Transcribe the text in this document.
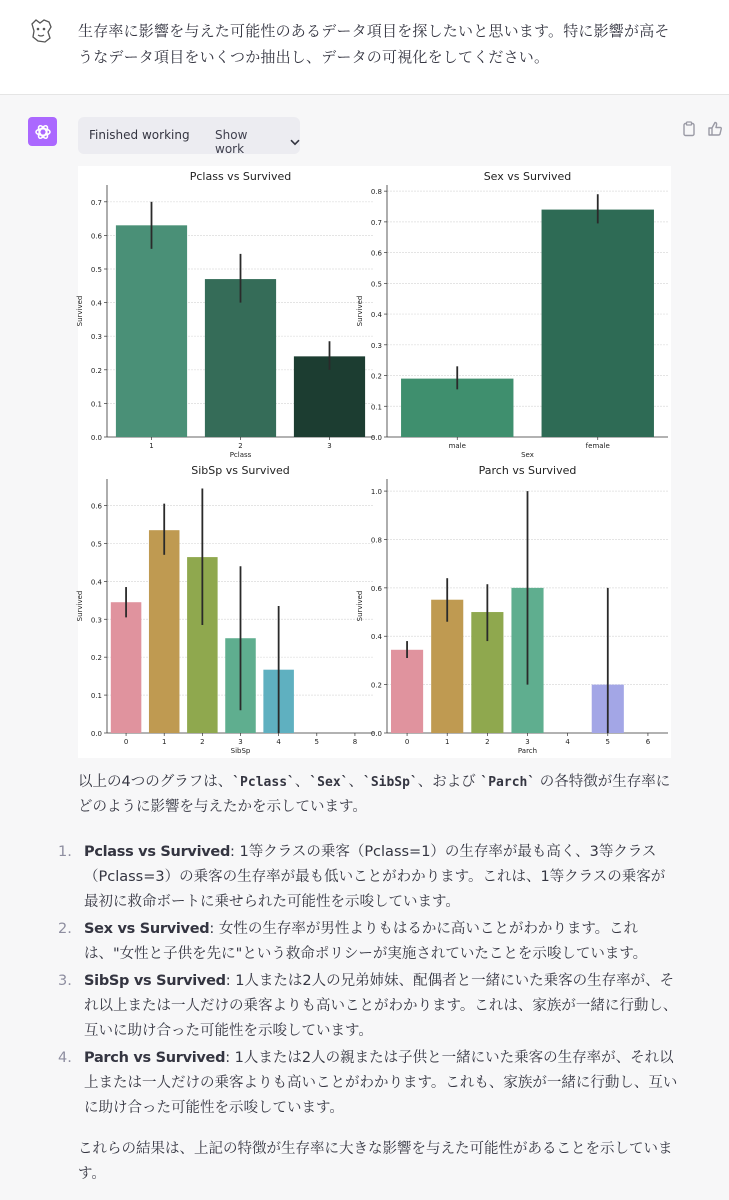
生存率に影響を与えた可能性のあるデータ項目を探したいと思います。特に影響が高そうなデータ項目をいくつか抽出し、データの可視化をしてください。
Finished working Show work
0.0
0.1
0.2
0.3
0.4
0.5
0.6
0.7
1	2	3
Pclass vs Survived
Pclass
Survived
0.0
0.1
0.2
0.3
0.4
0.5
0.6
0.7
0.8
male	female
Sex vs Survived
Sex
Survived
0.0
0.1
0.2
0.3
0.4
0.5
0.6
0	1	2	3	4	5	8
SibSp vs Survived
SibSp
Survived
0.0
0.2
0.4
0.6
0.8
1.0
0	1	2	3	4	5	6
Parch vs Survived
Parch
Survived

以上の4つのグラフは、`Pclass`、`Sex`、`SibSp`、および `Parch` の各特徴が生存率にどのように影響を与えたかを示しています。

1. Pclass vs Survived: 1等クラスの乗客（Pclass=1）の生存率が最も高く、3等クラス（Pclass=3）の乗客の生存率が最も低いことがわかります。これは、1等クラスの乗客が最初に救命ボートに乗せられた可能性を示唆しています。
2. Sex vs Survived: 女性の生存率が男性よりもはるかに高いことがわかります。これは、"女性と子供を先に"という救命ポリシーが実施されていたことを示唆しています。
3. SibSp vs Survived: 1人または2人の兄弟姉妹、配偶者と一緒にいた乗客の生存率が、それ以上または一人だけの乗客よりも高いことがわかります。これは、家族が一緒に行動し、互いに助け合った可能性を示唆しています。
4. Parch vs Survived: 1人または2人の親または子供と一緒にいた乗客の生存率が、それ以上または一人だけの乗客よりも高いことがわかります。これも、家族が一緒に行動し、互いに助け合った可能性を示唆しています。

これらの結果は、上記の特徴が生存率に大きな影響を与えた可能性があることを示しています。
